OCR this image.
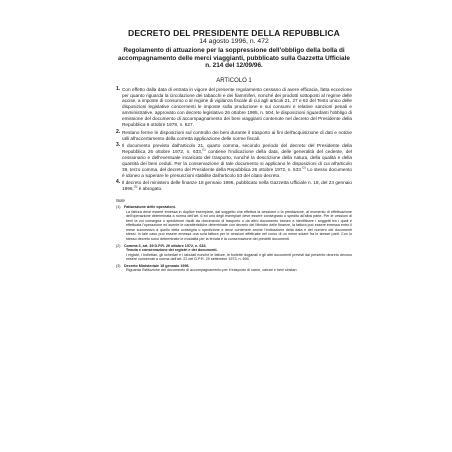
DECRETO DEL PRESIDENTE DELLA REPUBBLICA
14 agosto 1996, n. 472
Regolamento di attuazione per la soppressione dell'obbligo della bolla di accompagnamento delle merci viaggianti, pubblicato sulla Gazzetta Ufficiale n. 214 del 12/09/96.
ARTICOLO 1
1. Con effetto dalla data di entrata in vigore del presente regolamento cessano di avere efficacia, fatta eccezione per quanto riguarda la circolazione dei tabacchi e dei fiammiferi, nonché dei prodotti sottoposti al regime delle accise, a imposte di consumo o al regime di vigilanza fiscale di cui agli articoli 21, 27 e 62 del Testo unico delle disposizioni legislative concernenti le imposte sulla produzione e sui consumi e relative sanzioni penali e amministrative, approvato con decreto legislativo 26 ottobre 1995, n. 504, le disposizioni riguardanti l'obbligo di emissione del documento di accompagnamento dei beni viaggianti contenute nel decreto del Presidente della Repubblica 6 ottobre 1978, n. 627.
2. Restano ferme le disposizioni sul controllo dei beni durante il trasporto ai fini dell'acquisizione di dati e notizie utili all'accertamento della corretta applicazione delle norme fiscali.
3. Il documento previsto dall'articolo 21, quarto comma, secondo periodo del decreto del Presidente della Repubblica 26 ottobre 1972, n. 633,$^{(1)}$ contiene l'indicazione della data, delle generalità del cedente, del cessionario e dell'eventuale incaricato del trasporto, nonché la descrizione della natura, della qualità e della quantità dei beni ceduti. Per la conservazione di tale documento si applicano le disposizioni di cui all'articolo 39, terzo comma, del decreto del Presidente della Repubblica 26 ottobre 1972, n. 633.$^{(2)}$ Lo stesso documento è idoneo a superare le presunzioni stabilite dall'articolo 53 del citato decreto.
4. Il decreto del ministero delle finanze 18 gennaio 1996, pubblicato nella Gazzetta Ufficiale n. 18, del 23 gennaio 1996,$^{(3)}$ è abrogato.
Note
(1) Fatturazione delle operazioni.
La fattura deve essere emessa in duplice esemplare, dal soggetto che effettua la cessione o la prestazione, al momento di effettuazione dell'operazione determinata a norma dell'art. 6 ed uno degli esemplari deve essere consegnato o spedito all'altra parte. Per le cessioni di beni la cui consegna o spedizione risulti da documento di trasporto o da altro documento idoneo a identificare i soggetti tra i quali è effettuata l'operazione ed avente le caratteristiche determinate con decreto del Ministro delle finanze, la fattura può essere emessa entro il mese successivo a quello della consegna o spedizione e deve contenere anche l'indicazione della data e del numero dei documenti stessi. In tale caso può essere emessa una sola fattura per le cessioni effettuate nel corso di un mese solare fra le stesse parti. Con lo stesso decreto sono determinate le modalità per la tenuta e la conservazione dei predetti documenti.
(2) Comma 3, art. 39 D.P.R. 26 ottobre 1972, n. 633.
Tenuta e conservazione dei registri e dei documenti.
I registri, i bollettari, gli schedari e i tabulati nonché le fatture, le bollette doganali e gli altri documenti previsti dal presente decreto devono essere conservati a norma dell'art. 22 del D.P.R. 29 settembre 1973, n. 600.
(3) Decreto Ministeriale 18 gennaio 1996.
Riguarda l'istituzione del documento di accompagnamento per il trasporto di carne, calcari e beni similari.
